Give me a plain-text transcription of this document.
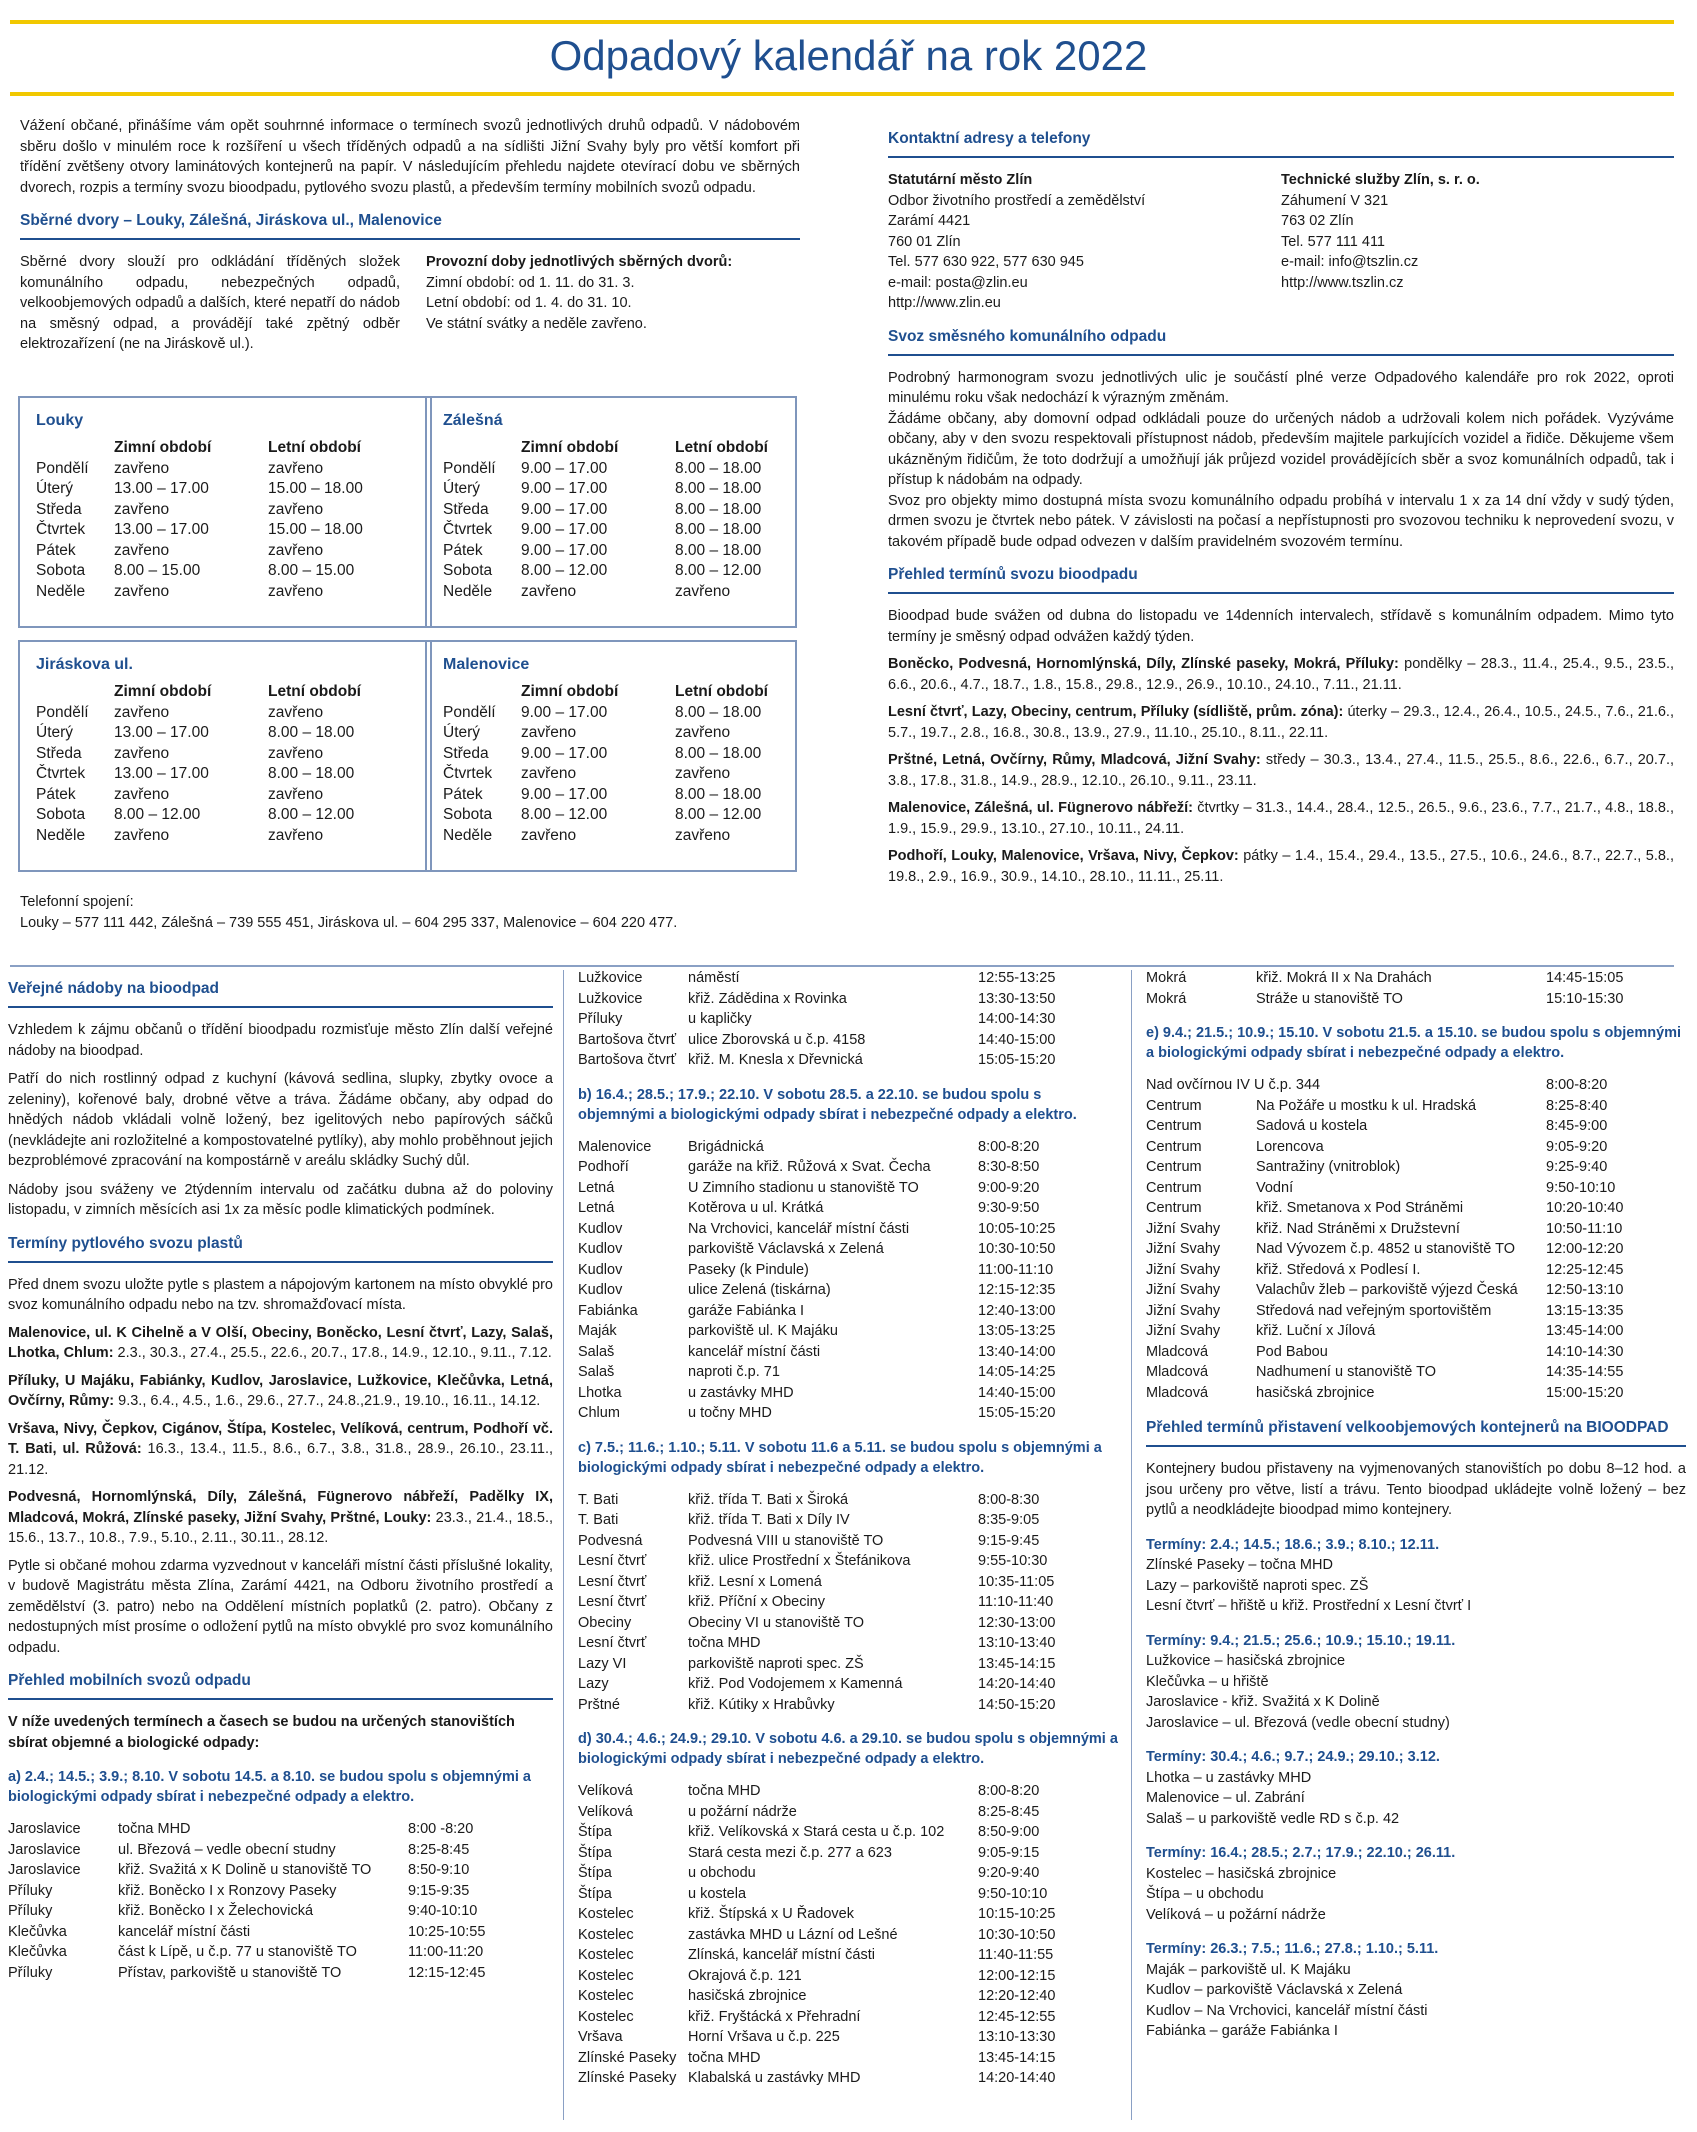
Odpadový kalendář na rok 2022

Vážení občané, přinášíme vám opět souhrnné informace o termínech svozů jednotlivých druhů odpadů. V nádobovém sběru došlo v minulém roce k rozšíření u všech tříděných odpadů a na sídlišti Jižní Svahy byly pro větší komfort při třídění zvětšeny otvory laminátových kontejnerů na papír. V následujícím přehledu najdete otevírací dobu ve sběrných dvorech, rozpis a termíny svozu bioodpadu, pytlového svozu plastů, a především termíny mobilních svozů odpadu.

Sběrné dvory – Louky, Zálešná, Jiráskova ul., Malenovice
Sběrné dvory slouží pro odkládání tříděných složek komunálního odpadu, nebezpečných odpadů, velkoobjemových odpadů a dalších, které nepatří do nádob na směsný odpad, a provádějí také zpětný odběr elektrozařízení (ne na Jiráskově ul.).
Provozní doby jednotlivých sběrných dvorů:
Zimní období: od 1. 11. do 31. 3.
Letní období: od 1. 4. do 31. 10.
Ve státní svátky a neděle zavřeno.
Louky
	Zimní období	Letní období
Pondělí	zavřeno	zavřeno
Úterý	13.00 – 17.00	15.00 – 18.00
Středa	zavřeno	zavřeno
Čtvrtek	13.00 – 17.00	15.00 – 18.00
Pátek	zavřeno	zavřeno
Sobota	8.00 – 15.00	8.00 – 15.00
Neděle	zavřeno	zavřeno
Zálešná
	Zimní období	Letní období
Pondělí	9.00 – 17.00	8.00 – 18.00
Úterý	9.00 – 17.00	8.00 – 18.00
Středa	9.00 – 17.00	8.00 – 18.00
Čtvrtek	9.00 – 17.00	8.00 – 18.00
Pátek	9.00 – 17.00	8.00 – 18.00
Sobota	8.00 – 12.00	8.00 – 12.00
Neděle	zavřeno	zavřeno
Jiráskova ul.
	Zimní období	Letní období
Pondělí	zavřeno	zavřeno
Úterý	13.00 – 17.00	8.00 – 18.00
Středa	zavřeno	zavřeno
Čtvrtek	13.00 – 17.00	8.00 – 18.00
Pátek	zavřeno	zavřeno
Sobota	8.00 – 12.00	8.00 – 12.00
Neděle	zavřeno	zavřeno
Malenovice
	Zimní období	Letní období
Pondělí	9.00 – 17.00	8.00 – 18.00
Úterý	zavřeno	zavřeno
Středa	9.00 – 17.00	8.00 – 18.00
Čtvrtek	zavřeno	zavřeno
Pátek	9.00 – 17.00	8.00 – 18.00
Sobota	8.00 – 12.00	8.00 – 12.00
Neděle	zavřeno	zavřeno
Telefonní spojení:
Louky – 577 111 442, Zálešná – 739 555 451, Jiráskova ul. – 604 295 337, Malenovice – 604 220 477.
Kontaktní adresy a telefony
Statutární město Zlín
Odbor životního prostředí a zemědělství
Zarámí 4421
760 01 Zlín
Tel. 577 630 922, 577 630 945
e-mail: posta@zlin.eu
http://www.zlin.eu
Technické služby Zlín, s. r. o.
Záhumení V 321
763 02 Zlín
Tel. 577 111 411
e-mail: info@tszlin.cz
http://www.tszlin.cz
Svoz směsného komunálního odpadu
Podrobný harmonogram svozu jednotlivých ulic je součástí plné verze Odpadového kalendáře pro rok 2022, oproti minulému roku však nedochází k výrazným změnám.
Žádáme občany, aby domovní odpad odkládali pouze do určených nádob a udržovali kolem nich pořádek. Vyzýváme občany, aby v den svozu respektovali přístupnost nádob, především majitele parkujících vozidel a řidiče. Děkujeme všem ukázněným řidičům, že toto dodržují a umožňují ják průjezd vozidel provádějících sběr a svoz komunálních odpadů, tak i přístup k nádobám na odpady.
Svoz pro objekty mimo dostupná místa svozu komunálního odpadu probíhá v intervalu 1 x za 14 dní vždy v sudý týden, drmen svozu je čtvrtek nebo pátek. V závislosti na počasí a nepřístupnosti pro svozovou techniku k neprovedení svozu, v takovém případě bude odpad odvezen v dalším pravidelném svozovém termínu.
Přehled termínů svozu bioodpadu

Bioodpad bude svážen od dubna do listopadu ve 14denních intervalech, střídavě s komunálním odpadem. Mimo tyto termíny je směsný odpad odvážen každý týden.

Bоněcko, Podvesná, Hornomlýnská, Díly, Zlínské paseky, Mokrá, Příluky: pondělky – 28.3., 11.4., 25.4., 9.5., 23.5., 6.6., 20.6., 4.7., 18.7., 1.8., 15.8., 29.8., 12.9., 26.9., 10.10., 24.10., 7.11., 21.11.

Lesní čtvrť, Lazy, Obeciny, centrum, Příluky (sídliště, prům. zóna): úterky – 29.3., 12.4., 26.4., 10.5., 24.5., 7.6., 21.6., 5.7., 19.7., 2.8., 16.8., 30.8., 13.9., 27.9., 11.10., 25.10., 8.11., 22.11.

Prštné, Letná, Ovčírny, Růmy, Mladcová, Jižní Svahy: středy – 30.3., 13.4., 27.4., 11.5., 25.5., 8.6., 22.6., 6.7., 20.7., 3.8., 17.8., 31.8., 14.9., 28.9., 12.10., 26.10., 9.11., 23.11.

Malenovice, Zálešná, ul. Fügnerovo nábřeží: čtvrtky – 31.3., 14.4., 28.4., 12.5., 26.5., 9.6., 23.6., 7.7., 21.7., 4.8., 18.8., 1.9., 15.9., 29.9., 13.10., 27.10., 10.11., 24.11.

Podhoří, Louky, Malenovice, Vršava, Nivy, Čepkov: pátky – 1.4., 15.4., 29.4., 13.5., 27.5., 10.6., 24.6., 8.7., 22.7., 5.8., 19.8., 2.9., 16.9., 30.9., 14.10., 28.10., 11.11., 25.11.

Veřejné nádoby na bioodpad

Vzhledem k zájmu občanů o třídění bioodpadu rozmisťuje město Zlín další veřejné nádoby na bioodpad.

Patří do nich rostlinný odpad z kuchyní (kávová sedlina, slupky, zbytky ovoce a zeleniny), kořenové baly, drobné větve a tráva. Žádáme občany, aby odpad do hnědých nádob vkládali volně ložený, bez igelitových nebo papírových sáčků (nevkládejte ani rozložitelné a kompostovatelné pytlíky), aby mohlo proběhnout jejich bezproblémové zpracování na kompostárně v areálu skládky Suchý důl.

Nádoby jsou sváženy ve 2týdenním intervalu od začátku dubna až do poloviny listopadu, v zimních měsících asi 1x za měsíc podle klimatických podmínek.

Termíny pytlového svozu plastů

Před dnem svozu uložte pytle s plastem a nápojovým kartonem na místo obvyklé pro svoz komunálního odpadu nebo na tzv. shromažďovací místa.

Malenovice, ul. K Cihelně a V Olší, Obeciny, Bоněcko, Lesní čtvrť, Lazy, Salaš, Lhotka, Chlum: 2.3., 30.3., 27.4., 25.5., 22.6., 20.7., 17.8., 14.9., 12.10., 9.11., 7.12.

Příluky, U Majáku, Fabiánky, Kudlov, Jaroslavice, Lužkovice, Klečůvka, Letná, Ovčírny, Růmy: 9.3., 6.4., 4.5., 1.6., 29.6., 27.7., 24.8.,21.9., 19.10., 16.11., 14.12.

Vršava, Nivy, Čepkov, Cigánov, Štípa, Kostelec, Velíková, centrum, Podhoří vč. T. Bati, ul. Růžová: 16.3., 13.4., 11.5., 8.6., 6.7., 3.8., 31.8., 28.9., 26.10., 23.11., 21.12.

Podvesná, Hornomlýnská, Díly, Zálešná, Fügnerovo nábřeží, Padělky IX, Mladcová, Mokrá, Zlínské paseky, Jižní Svahy, Prštné, Louky: 23.3., 21.4., 18.5., 15.6., 13.7., 10.8., 7.9., 5.10., 2.11., 30.11., 28.12.

Pytle si občané mohou zdarma vyzvednout v kanceláři místní části příslušné lokality, v budově Magistrátu města Zlína, Zarámí 4421, na Odboru životního prostředí a zemědělství (3. patro) nebo na Oddělení místních poplatků (2. patro). Občany z nedostupných míst prosíme o odložení pytlů na místo obvyklé pro svoz komunálního odpadu.

Přehled mobilních svozů odpadu
V níže uvedených termínech a časech se budou na určených stanovištích sbírat objemné a biologické odpady:
a) 2.4.; 14.5.; 3.9.; 8.10. V sobotu 14.5. a 8.10. se budou spolu s objemnými a biologickými odpady sbírat i nebezpečné odpady a elektro.
Jaroslavice	točna MHD	8:00 -8:20
Jaroslavice	ul. Březová – vedle obecní studny	8:25-8:45
Jaroslavice	křiž. Svažitá x K Dolině u stanoviště TO	8:50-9:10
Příluky	křiž. Bоněcko I x Ronzovy Paseky	9:15-9:35
Příluky	křiž. Bоněcko I x Želechovická	9:40-10:10
Klečůvka	kancelář místní části	10:25-10:55
Klečůvka	část k Lípě, u č.p. 77 u stanoviště TO	11:00-11:20
Příluky	Přístav, parkoviště u stanoviště TO	12:15-12:45
Lužkovice	náměstí	12:55-13:25
Lužkovice	křiž. Zádědina x Rovinka	13:30-13:50
Příluky	u kapličky	14:00-14:30
Bartošova čtvrť	ulice Zborovská u č.p. 4158	14:40-15:00
Bartošova čtvrť	křiž. M. Knesla x Dřevnická	15:05-15:20
b) 16.4.; 28.5.; 17.9.; 22.10. V sobotu 28.5. a 22.10. se budou spolu s objemnými a biologickými odpady sbírat i nebezpečné odpady a elektro.
Malenovice	Brigádnická	8:00-8:20
Podhoří	garáže na křiž. Růžová x Svat. Čecha	8:30-8:50
Letná	U Zimního stadionu u stanoviště TO	9:00-9:20
Letná	Kotěrova u ul. Krátká	9:30-9:50
Kudlov	Na Vrchovici, kancelář místní části	10:05-10:25
Kudlov	parkoviště Václavská x Zelená	10:30-10:50
Kudlov	Paseky (k Pindule)	11:00-11:10
Kudlov	ulice Zelená (tiskárna)	12:15-12:35
Fabiánka	garáže Fabiánka I	12:40-13:00
Maják	parkoviště ul. K Majáku	13:05-13:25
Salaš	kancelář místní části	13:40-14:00
Salaš	naproti č.p. 71	14:05-14:25
Lhotka	u zastávky MHD	14:40-15:00
Chlum	u točny MHD	15:05-15:20
c) 7.5.; 11.6.; 1.10.; 5.11. V sobotu 11.6 a 5.11. se budou spolu s objemnými a biologickými odpady sbírat i nebezpečné odpady a elektro.
T. Bati	křiž. třída T. Bati x Široká	8:00-8:30
T. Bati	křiž. třída T. Bati x Díly IV	8:35-9:05
Podvesná	Podvesná VIII u stanoviště TO	9:15-9:45
Lesní čtvrť	křiž. ulice Prostřední x Štefánikova	9:55-10:30
Lesní čtvrť	křiž. Lesní x Lomená	10:35-11:05
Lesní čtvrť	křiž. Příční x Obeciny	11:10-11:40
Obeciny	Obeciny VI u stanoviště TO	12:30-13:00
Lesní čtvrť	točna MHD	13:10-13:40
Lazy VI	parkoviště naproti spec. ZŠ	13:45-14:15
Lazy	křiž. Pod Vodojemem x Kamenná	14:20-14:40
Prštné	křiž. Kútiky x Hrabůvky	14:50-15:20
d) 30.4.; 4.6.; 24.9.; 29.10. V sobotu 4.6. a 29.10. se budou spolu s objemnými a biologickými odpady sbírat i nebezpečné odpady a elektro.
Velíková	točna MHD	8:00-8:20
Velíková	u požární nádrže	8:25-8:45
Štípa	křiž. Velíkovská x Stará cesta u č.p. 102	8:50-9:00
Štípa	Stará cesta mezi č.p. 277 a 623	9:05-9:15
Štípa	u obchodu	9:20-9:40
Štípa	u kostela	9:50-10:10
Kostelec	křiž. Štípská x U Řadovek	10:15-10:25
Kostelec	zastávka MHD u Lázní od Lešné	10:30-10:50
Kostelec	Zlínská, kancelář místní části	11:40-11:55
Kostelec	Okrajová č.p. 121	12:00-12:15
Kostelec	hasičská zbrojnice	12:20-12:40
Kostelec	křiž. Fryštácká x Přehradní	12:45-12:55
Vršava	Horní Vršava u č.p. 225	13:10-13:30
Zlínské Paseky	točna MHD	13:45-14:15
Zlínské Paseky	Klabalská u zastávky MHD	14:20-14:40
Mokrá	křiž. Mokrá II x Na Drahách	14:45-15:05
Mokrá	Stráže u stanoviště TO	15:10-15:30
e) 9.4.; 21.5.; 10.9.; 15.10. V sobotu 21.5. a 15.10. se budou spolu s objemnými a biologickými odpady sbírat i nebezpečné odpady a elektro.
Nad ovčírnou IV U č.p. 344		8:00-8:20
Centrum	Na Požáře u mostku k ul. Hradská	8:25-8:40
Centrum	Sadová u kostela	8:45-9:00
Centrum	Lorencova	9:05-9:20
Centrum	Santražiny (vnitroblok)	9:25-9:40
Centrum	Vodní	9:50-10:10
Centrum	křiž. Smetanova x Pod Stráněmi	10:20-10:40
Jižní Svahy	křiž. Nad Stráněmi x Družstevní	10:50-11:10
Jižní Svahy	Nad Vývozem č.p. 4852 u stanoviště TO	12:00-12:20
Jižní Svahy	křiž. Středová x Podlesí I.	12:25-12:45
Jižní Svahy	Valachův žleb – parkoviště výjezd Česká	12:50-13:10
Jižní Svahy	Středová nad veřejným sportovištěm	13:15-13:35
Jižní Svahy	křiž. Luční x Jílová	13:45-14:00
Mladcová	Pod Babou	14:10-14:30
Mladcová	Nadhumení u stanoviště TO	14:35-14:55
Mladcová	hasičská zbrojnice	15:00-15:20
Přehled termínů přistavení velkoobjemových kontejnerů na BIOODPAD
Kontejnery budou přistaveny na vyjmenovaných stanovištích po dobu 8–12 hod. a jsou určeny pro větve, listí a trávu. Tento bioodpad ukládejte volně ložený – bez pytlů a neodkládejte bioodpad mimo kontejnery.

Termíny: 2.4.; 14.5.; 18.6.; 3.9.; 8.10.; 12.11.

Zlínské Paseky – točna MHD

Lazy – parkoviště naproti spec. ZŠ

Lesní čtvrť – hřiště u křiž. Prostřední x Lesní čtvrť I

Termíny: 9.4.; 21.5.; 25.6.; 10.9.; 15.10.; 19.11.

Lužkovice – hasičská zbrojnice

Klečůvka – u hřiště

Jaroslavice - křiž. Svažitá x K Dolině

Jaroslavice – ul. Březová (vedle obecní studny)

Termíny: 30.4.; 4.6.; 9.7.; 24.9.; 29.10.; 3.12.

Lhotka – u zastávky MHD

Malenovice – ul. Zabrání

Salaš – u parkoviště vedle RD s č.p. 42

Termíny: 16.4.; 28.5.; 2.7.; 17.9.; 22.10.; 26.11.

Kostelec – hasičská zbrojnice

Štípa – u obchodu

Velíková – u požární nádrže

Termíny: 26.3.; 7.5.; 11.6.; 27.8.; 1.10.; 5.11.

Maják – parkoviště ul. K Majáku

Kudlov – parkoviště Václavská x Zelená

Kudlov – Na Vrchovici, kancelář místní části

Fabiánka – garáže Fabiánka I
